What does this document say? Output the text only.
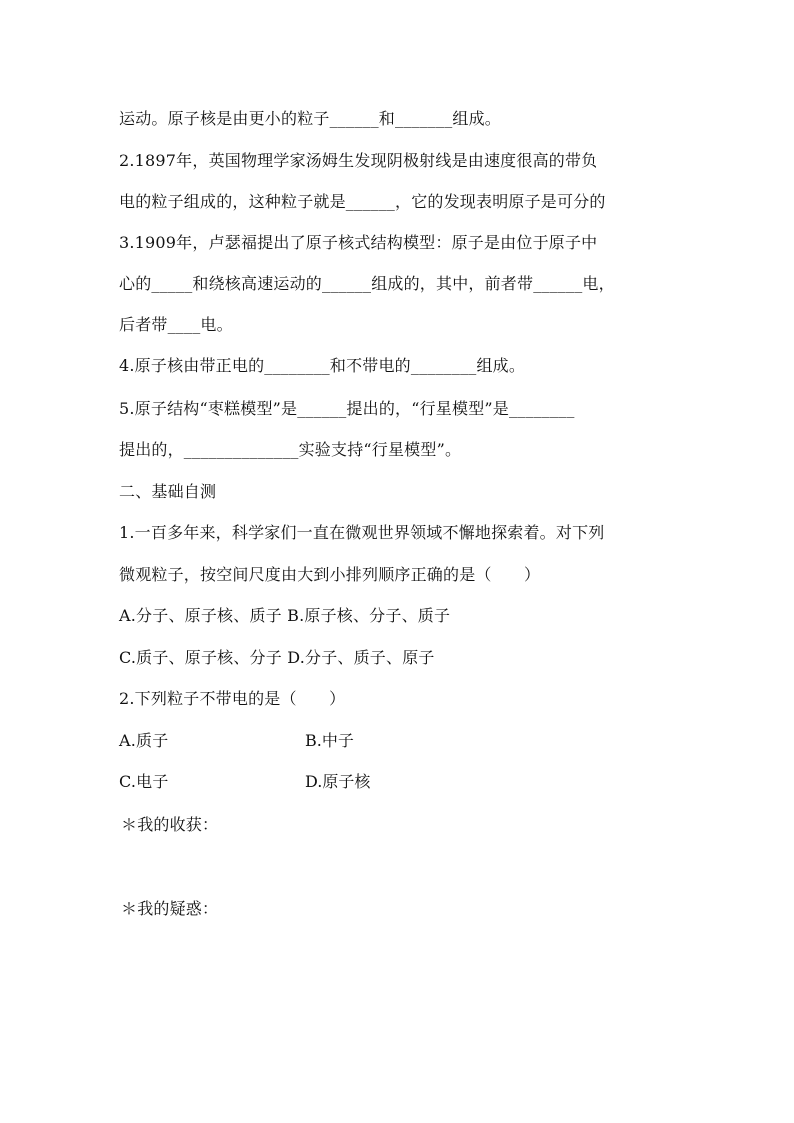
运动。原子核是由更小的粒子______和_______组成。
2.1897年，英国物理学家汤姆生发现阴极射线是由速度很高的带负
电的粒子组成的，这种粒子就是______，它的发现表明原子是可分的
3.1909年，卢瑟福提出了原子核式结构模型：原子是由位于原子中
心的_____和绕核高速运动的______组成的，其中，前者带______电，
后者带____电。
4.原子核由带正电的________和不带电的________组成。
5.原子结构“枣糕模型”是______提出的，“行星模型”是________
提出的，______________实验支持“行星模型”。
二、基础自测
1.一百多年来，科学家们一直在微观世界领域不懈地探索着。对下列
微观粒子，按空间尺度由大到小排列顺序正确的是（　　）
A.分子、原子核、质子 B.原子核、分子、质子
C.质子、原子核、分子 D.分子、质子、原子
2.下列粒子不带电的是（　　）
A.质子	B.中子
C.电子	D.原子核
＊我的收获：
＊我的疑惑：
